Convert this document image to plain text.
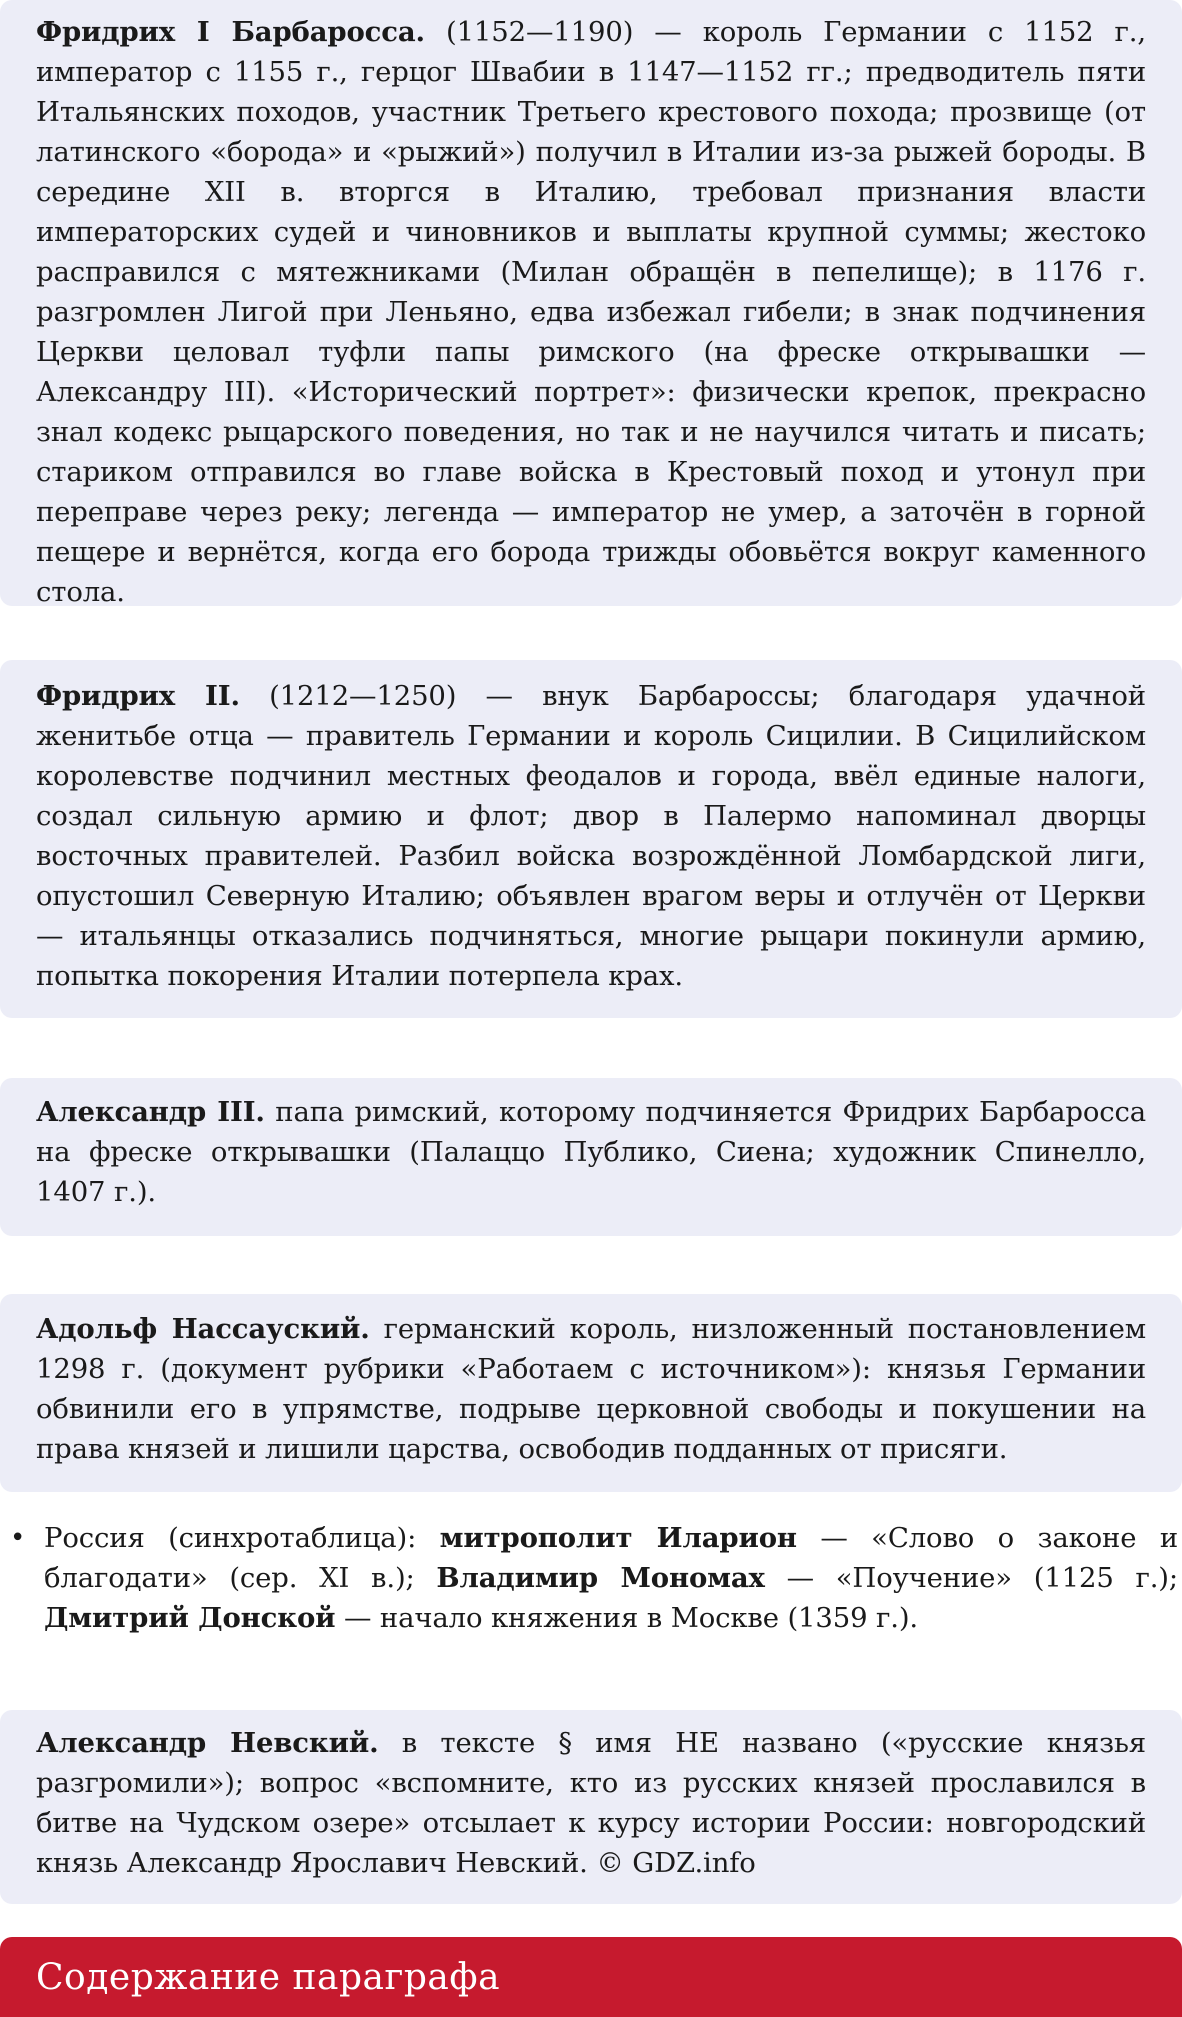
Фридрих I Барбаросса. (1152—1190) — король Германии с 1152 г., император с 1155 г., герцог Швабии в 1147—1152 гг.; предводитель пяти Итальянских походов, участник Третьего крестового похода; прозвище (от латинского «борода» и «рыжий») получил в Италии из-за рыжей бороды. В середине XII в. вторгся в Италию, требовал признания власти императорских судей и чиновников и выплаты крупной суммы; жестоко расправился с мятежниками (Милан обращён в пепелище); в 1176 г. разгромлен Лигой при Леньяно, едва избежал гибели; в знак подчинения Церкви целовал туфли папы римского (на фреске открывашки — Александру III). «Исторический портрет»: физически крепок, прекрасно знал кодекс рыцарского поведения, но так и не научился читать и писать; стариком отправился во главе войска в Крестовый поход и утонул при переправе через реку; легенда — император не умер, а заточён в горной пещере и вернётся, когда его борода трижды обовьётся вокруг каменного стола.

Фридрих II. (1212—1250) — внук Барбароссы; благодаря удачной женитьбе отца — правитель Германии и король Сицилии. В Сицилийском королевстве подчинил местных феодалов и города, ввёл единые налоги, создал сильную армию и флот; двор в Палермо напоминал дворцы восточных правителей. Разбил войска возрождённой Ломбардской лиги, опустошил Северную Италию; объявлен врагом веры и отлучён от Церкви — итальянцы отказались подчиняться, многие рыцари покинули армию, попытка покорения Италии потерпела крах.

Александр III. папа римский, которому подчиняется Фридрих Барбаросса на фреске открывашки (Палаццо Публико, Сиена; художник Спинелло, 1407 г.).

Адольф Нассауский. германский король, низложенный постановлением 1298 г. (документ рубрики «Работаем с источником»): князья Германии обвинили его в упрямстве, подрыве церковной свободы и покушении на права князей и лишили царства, освободив подданных от присяги.

• Россия (синхротаблица): митрополит Иларион — «Слово о законе и благодати» (сер. XI в.); Владимир Мономах — «Поучение» (1125 г.); Дмитрий Донской — начало княжения в Москве (1359 г.).

Александр Невский. в тексте § имя НЕ названо («русские князья разгромили»); вопрос «вспомните, кто из русских князей прославился в битве на Чудском озере» отсылает к курсу истории России: новгородский князь Александр Ярославич Невский. © GDZ.info

Содержание параграфа
